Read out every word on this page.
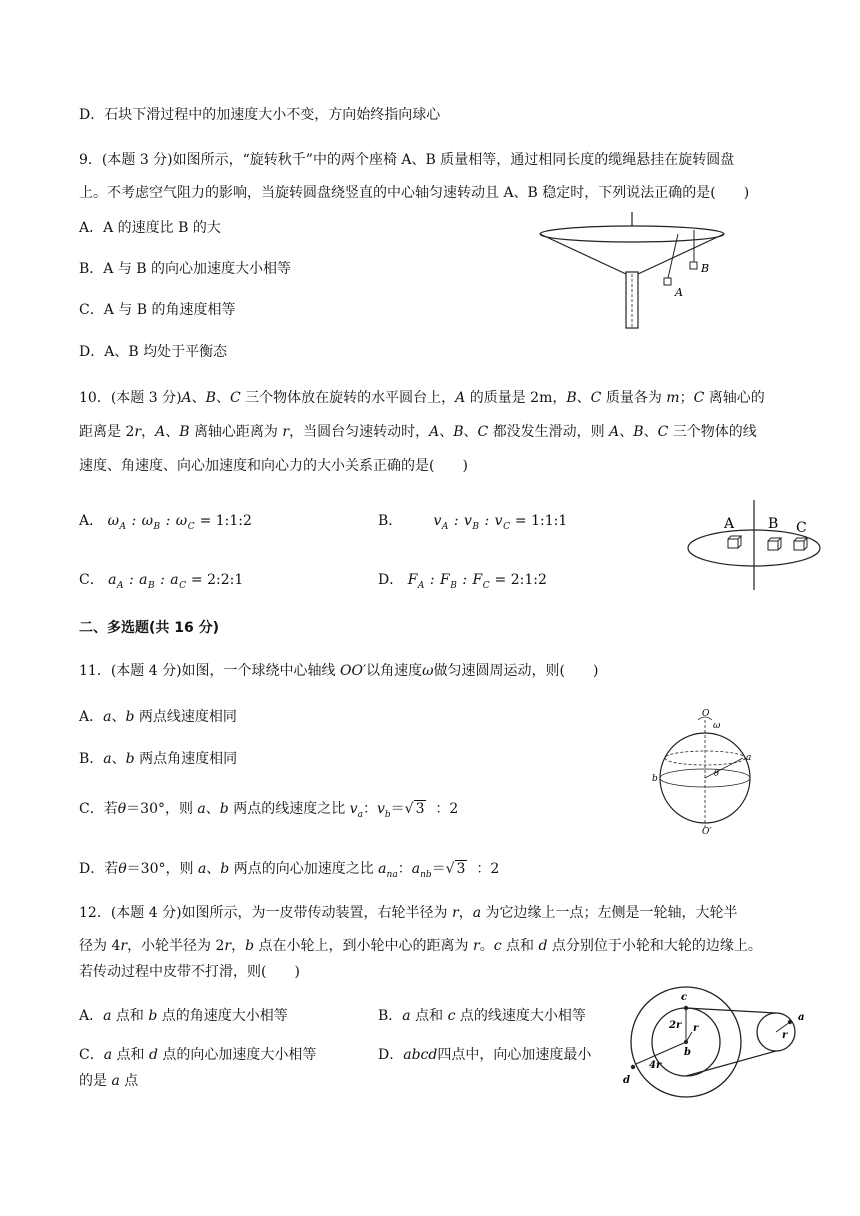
D．石块下滑过程中的加速度大小不变，方向始终指向球心
9．(本题 3 分)如图所示，“旋转秋千”中的两个座椅 A、B 质量相等，通过相同长度的缆绳悬挂在旋转圆盘
上。不考虑空气阻力的影响，当旋转圆盘绕竖直的中心轴匀速转动且 A、B 稳定时，下列说法正确的是(　　)
A．A 的速度比 B 的大
B．A 与 B 的向心加速度大小相等
C．A 与 B 的角速度相等
D．A、B 均处于平衡态
B
A
10．(本题 3 分)A、B、C 三个物体放在旋转的水平圆台上，A 的质量是 2m，B、C 质量各为 m；C 离轴心的
距离是 2r，A、B 离轴心距离为 r，当圆台匀速转动时，A、B、C 都没发生滑动，则 A、B、C 三个物体的线
速度、角速度、向心加速度和向心力的大小关系正确的是(　　)
A． $\omega_A$ : $\omega_B$ : $\omega_C$ = 1:1:2	B． $v_A$ : $v_B$ : $v_C$ = 1:1:1
C． $a_A$ : $a_B$ : $a_C$ = 2:2:1	D． $F_A$ : $F_B$ : $F_C$ = 2:1:2
A B C
二、多选题(共 16 分)
11．(本题 4 分)如图，一个球绕中心轴线 OO′以角速度ω做匀速圆周运动，则(　　)
A．a、b 两点线速度相同
B．a、b 两点角速度相同
C．若θ＝30°，则 a、b 两点的线速度之比 $v_a$：$v_b=√$ 3 ：2
D．若θ＝30°，则 a、b 两点的向心加速度之比 $a_{na}$：$a_{nb}=√$ 3 ：2
O
ω
a
b
θ
O′
12．(本题 4 分)如图所示，为一皮带传动装置，右轮半径为 r，a 为它边缘上一点；左侧是一轮轴，大轮半
径为 4r，小轮半径为 2r，b 点在小轮上，到小轮中心的距离为 r。c 点和 d 点分别位于小轮和大轮的边缘上。
若传动过程中皮带不打滑，则(　　)
A．a 点和 b 点的角速度大小相等	B．a 点和 c 点的线速度大小相等
C．a 点和 d 点的向心加速度大小相等	D．abcd四点中，向心加速度最小
的是 a 点
c
2r r
b
4r
d
a
r
